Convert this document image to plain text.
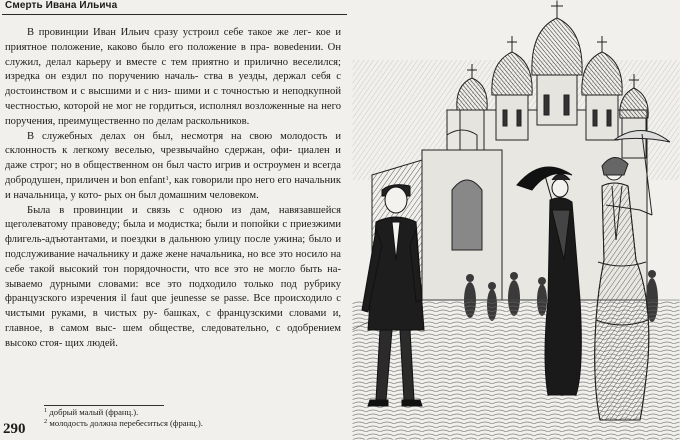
Смерть Ивана Ильича

В провинции Иван Ильич сразу устроил себе такое же лег- кое и приятное положение, каково было его положение в пра- вовedении. Он служил, делал карьеру и вместе с тем приятно и прилично веселился; изредка он ездил по поручению началь- ства в уезды, держал себя с достоинством и с высшими и с низ- шими и с точностью и неподкупной честностью, которой не мог не гордиться, исполнял возложенные на него поручения, преимущественно по делам раскольников.

В служебных делах он был, несмотря на свою молодость и склонность к легкому веселью, чрезвычайно сдержан, офи- циален и даже строг; но в общественном он был часто игрив и остроумен и всегда добродушен, приличен и bon enfant$^1$, как говорили про него его начальник и начальница, у котo- рых он был домашним человеком.

Была в провинции и связь с одною из дам, навязавшейся щеголеватому правоведу; была и модистка; были и попойки с приезжими флигель-адъютантами, и поездки в дальнюю улицу после ужина; было и подслуживание начальнику и даже жене начальника, но все это носило на себе такой высокий тон порядочности, что все это не могло быть на- зываемо дурными словами: все это подходило только под рубрику французского изречения il faut que jeunesse se passe. Все происходило с чистыми руками, в чистых ру- башках, с французскими словами и, главное, в самом выс- шем обществе, следовательно, с одобрением высоко стоя- щих людей.

$^1$ добрый малый (франц.).
$^2$ молодость должна перебеситься (франц.).
290
